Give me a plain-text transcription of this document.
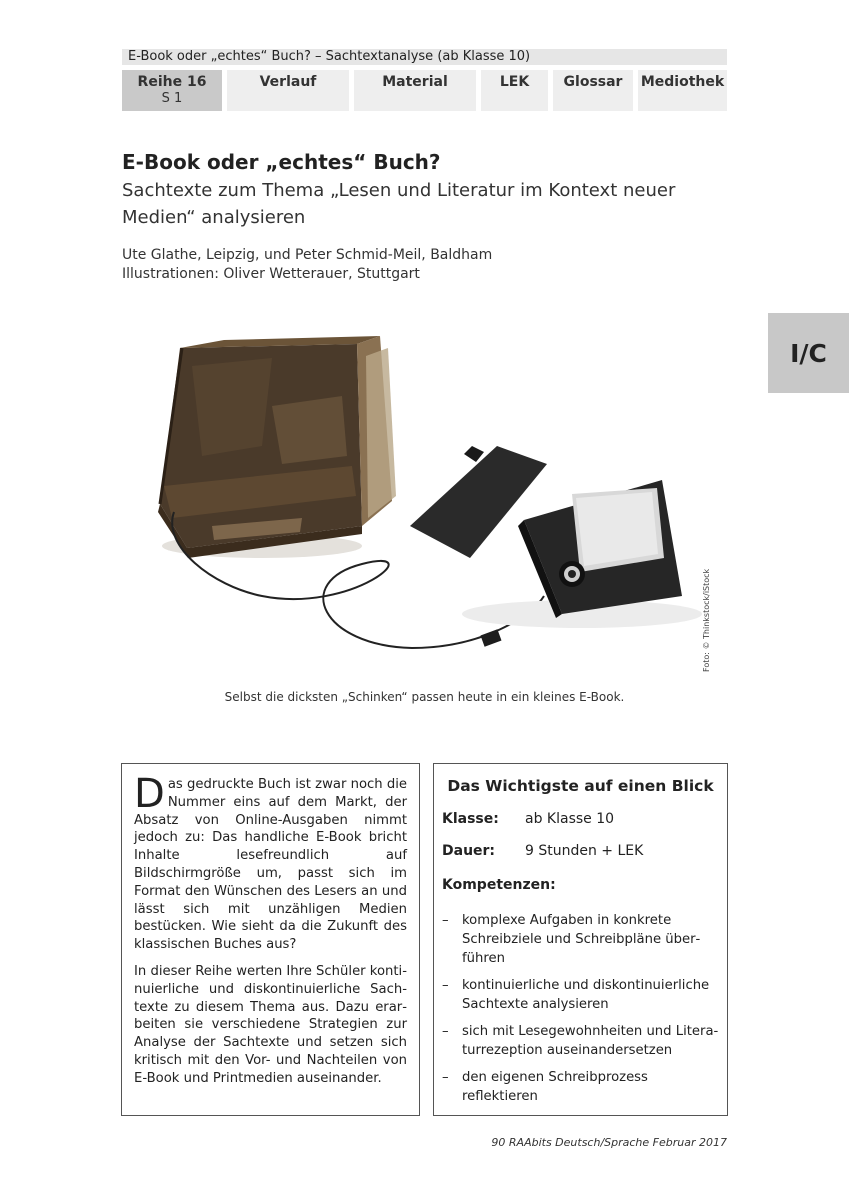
E-Book oder „echtes“ Buch? – Sachtextanalyse (ab Klasse 10)
Reihe 16
S 1
Verlauf	Material	LEK	Glossar	Mediothek
I/C
E-Book oder „echtes“ Buch?
Sachtexte zum Thema „Lesen und Literatur im Kontext neuer Medien“ analysieren
Ute Glathe, Leipzig, und Peter Schmid-Meil, Baldham
Illustrationen: Oliver Wetterauer, Stuttgart
Foto: © Thinkstock/iStock
Selbst die dicksten „Schinken“ passen heute in ein kleines E-Book.

Das gedruckte Buch ist zwar noch die Nummer eins auf dem Markt, der Absatz von Online-Ausgaben nimmt jedoch zu: Das handliche E-Book bricht Inhalte lesefreundlich auf Bildschirmgröße um, passt sich im Format den Wünschen des Lesers an und lässt sich mit unzähligen Medien bestücken. Wie sieht da die Zukunft des klassischen Buches aus?

In dieser Reihe werten Ihre Schüler kontinuierliche und diskontinuierliche Sachtexte zu diesem Thema aus. Dazu erarbeiten sie verschiedene Strategien zur Analyse der Sachtexte und setzen sich kritisch mit den Vor- und Nachteilen von E-Book und Printmedien auseinander.

Das Wichtigste auf einen Blick
Klasse:	ab Klasse 10
Dauer:	9 Stunden + LEK
Kompetenzen:
– komplexe Aufgaben in konkrete Schreibziele und Schreibpläne überführen
– kontinuierliche und diskontinuierliche Sachtexte analysieren
– sich mit Lesegewohnheiten und Literaturrezeption auseinandersetzen
– den eigenen Schreibprozess reflektieren
90 RAAbits Deutsch/Sprache Februar 2017
